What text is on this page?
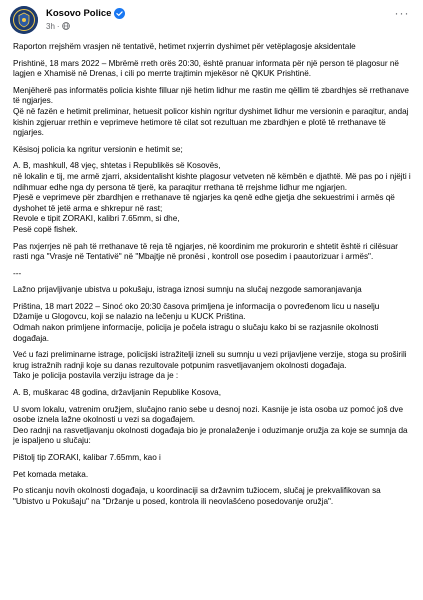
Kosovo Police
3h ·
···

Raporton rrejshëm vrasjen në tentativë, hetimet nxjerrin dyshimet për vetëplagosje aksidentale

Prishtinë, 18 mars 2022 – Mbrëmë rreth orës 20:30, është pranuar informata për një person të plagosur në lagjen e Xhamisë në Drenas, i cili po merrte trajtimin mjekësor në QKUK Prishtinë.

Menjëherë pas informatës policia kishte filluar një hetim lidhur me rastin me qëllim të zbardhjes së rrethanave të ngjarjes.
Që në fazën e hetimit preliminar, hetuesit policor kishin ngritur dyshimet lidhur me versionin e paraqitur, andaj kishin zgjeruar rrethin e veprimeve hetimore të cilat sot rezultuan me zbardhjen e plotë të rrethanave të ngjarjes.

Kësisoj policia ka ngritur versionin e hetimit se;

A. B, mashkull, 48 vjeç, shtetas i Republikës së Kosovës,
në lokalin e tij, me armë zjarri, aksidentalisht kishte plagosur vetveten në këmbën e djathtë. Më pas po i njëjti i ndihmuar edhe nga dy persona të tjerë, ka paraqitur rrethana të rrejshme lidhur me ngjarjen.
Pjesë e veprimeve për zbardhjen e rrethanave të ngjarjes ka qenë edhe gjetja dhe sekuestrimi i armës që dyshohet të jetë arma e shkrepur në rast;
Revole e tipit ZORAKI, kalibri 7.65mm, si dhe,
Pesë copë fishek.

Pas nxjerrjes në pah të rrethanave të reja të ngjarjes, në koordinim me prokurorin e shtetit është ri cilësuar rasti nga "Vrasje në Tentativë" në "Mbajtje në pronësi , kontroll ose posedim i paautorizuar i armës".

---

Lažno prijavljivanje ubistva u pokušaju, istraga iznosi sumnju na slučaj nezgode samoranjavanja

Priština, 18 mart 2022 – Sinoć oko 20:30 časova primljena je informacija o povređenom licu u naselju Džamije u Glogovcu, koji se nalazio na lečenju u KUCK Priština.
Odmah nakon primljene informacije, policija je počela istragu o slučaju kako bi se razjasnile okolnosti događaja.

Već u fazi preliminarne istrage, policijski istražitelji izneli su sumnju u vezi prijavljene verzije, stoga su proširili krug istražnih radnji koje su danas rezultovale potpunim rasvetljavanjem okolnosti događaja.
Tako je policija postavila verziju istrage da je :

A. B, muškarac 48 godina, državljanin Republike Kosova,

U svom lokalu, vatrenim oružjem, slučajno ranio sebe u desnoj nozi. Kasnije je ista osoba uz pomoć još dve osobe iznela lažne okolnosti u vezi sa događajem.
Deo radnji na rasvetljavanju okolnosti događaja bio je pronalaženje i oduzimanje oružja za koje se sumnja da je ispaljeno u slučaju:

Pištolj tip ZORAKI, kalibar 7.65mm, kao i

Pet komada metaka.

Po sticanju novih okolnosti događaja, u koordinaciji sa državnim tužiocem, slučaj je prekvalifikovan sa "Ubistvo u Pokušaju" na "Držanje u posed, kontrola ili neovlašćeno posedovanje oružja".
